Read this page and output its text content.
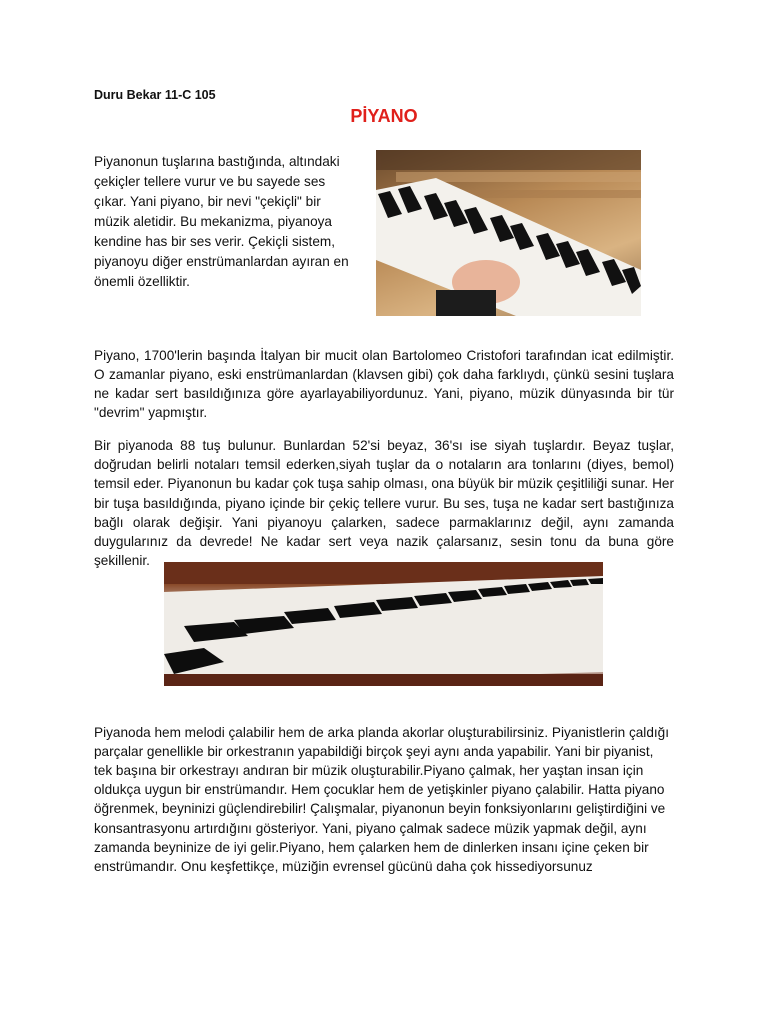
Duru Bekar 11-C 105
PİYANO

Piyanonun tuşlarına bastığında, altındaki çekiçler tellere vurur ve bu sayede ses çıkar. Yani piyano, bir nevi "çekiçli" bir müzik aletidir. Bu mekanizma, piyanoya kendine has bir ses verir. Çekiçli sistem, piyanoyu diğer enstrümanlardan ayıran en önemli özelliktir.

Piyano, 1700'lerin başında İtalyan bir mucit olan Bartolomeo Cristofori tarafından icat edilmiştir. O zamanlar piyano, eski enstrümanlardan (klavsen gibi) çok daha farklıydı, çünkü sesini tuşlara ne kadar sert basıldığınıza göre ayarlayabiliyordunuz. Yani, piyano, müzik dünyasında bir tür "devrim" yapmıştır.

Bir piyanoda 88 tuş bulunur. Bunlardan 52'si beyaz, 36'sı ise siyah tuşlardır. Beyaz tuşlar, doğrudan belirli notaları temsil ederken,siyah tuşlar da o notaların ara tonlarını (diyes, bemol) temsil eder. Piyanonun bu kadar çok tuşa sahip olması, ona büyük bir müzik çeşitliliği sunar. Her bir tuşa basıldığında, piyano içinde bir çekiç tellere vurur. Bu ses, tuşa ne kadar sert bastığınıza bağlı olarak değişir. Yani piyanoyu çalarken, sadece parmaklarınız değil, aynı zamanda duygularınız da devrede! Ne kadar sert veya nazik çalarsanız, sesin tonu da buna göre şekillenir.

Piyanoda hem melodi çalabilir hem de arka planda akorlar oluşturabilirsiniz. Piyanistlerin çaldığı parçalar genellikle bir orkestranın yapabildiği birçok şeyi aynı anda yapabilir. Yani bir piyanist, tek başına bir orkestrayı andıran bir müzik oluşturabilir.Piyano çalmak, her yaştan insan için oldukça uygun bir enstrümandır. Hem çocuklar hem de yetişkinler piyano çalabilir. Hatta piyano öğrenmek, beyninizi güçlendirebilir! Çalışmalar, piyanonun beyin fonksiyonlarını geliştirdiğini ve konsantrasyonu artırdığını gösteriyor. Yani, piyano çalmak sadece müzik yapmak değil, aynı zamanda beyninize de iyi gelir.Piyano, hem çalarken hem de dinlerken insanı içine çeken bir enstrümandır. Onu keşfettikçe, müziğin evrensel gücünü daha çok hissediyorsunuz
